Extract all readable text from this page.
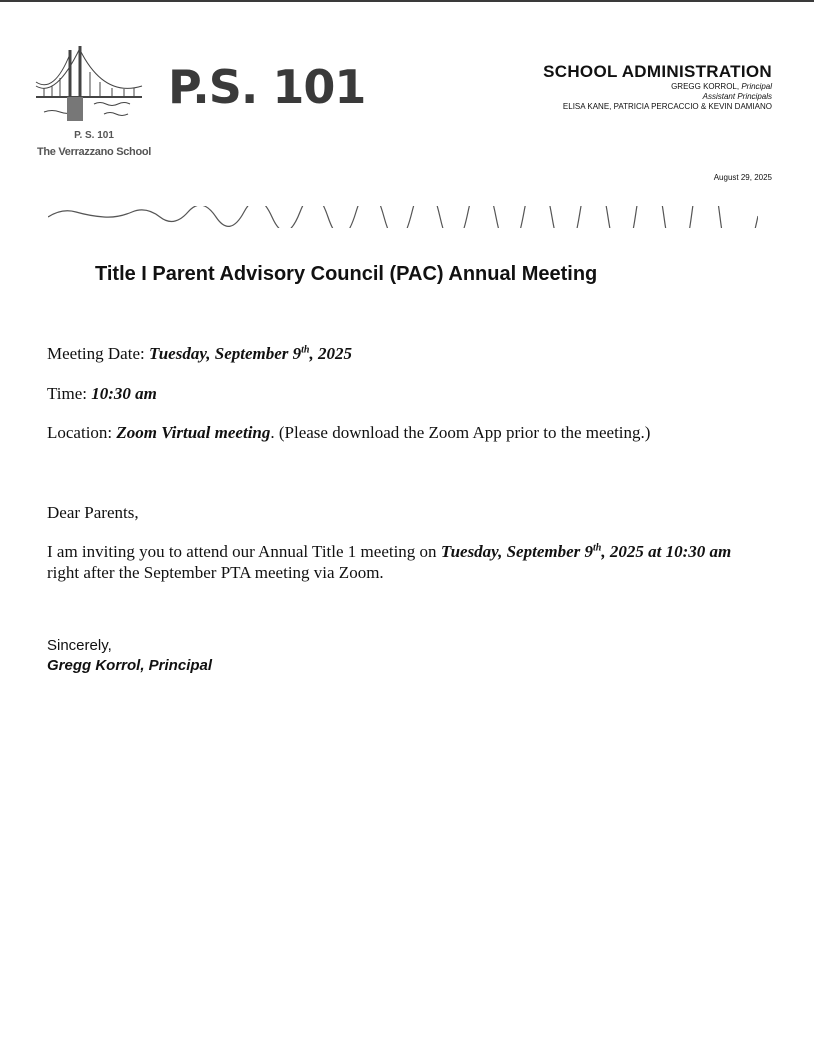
P. S. 101
The Verrazzano School
P.S. 101	SCHOOL ADMINISTRATION
GREGG KORROL, Principal
Assistant Principals
ELISA KANE, PATRICIA PERCACCIO & KEVIN DAMIANO
August 29, 2025
Title I Parent Advisory Council (PAC) Annual Meeting
Meeting Date: Tuesday, September 9th, 2025
Time: 10:30 am
Location: Zoom Virtual meeting. (Please download the Zoom App prior to the meeting.)
Dear Parents,
I am inviting you to attend our Annual Title 1 meeting on Tuesday, September 9th, 2025 at 10:30 am right after the September PTA meeting via Zoom.
Sincerely,
Gregg Korrol, Principal
